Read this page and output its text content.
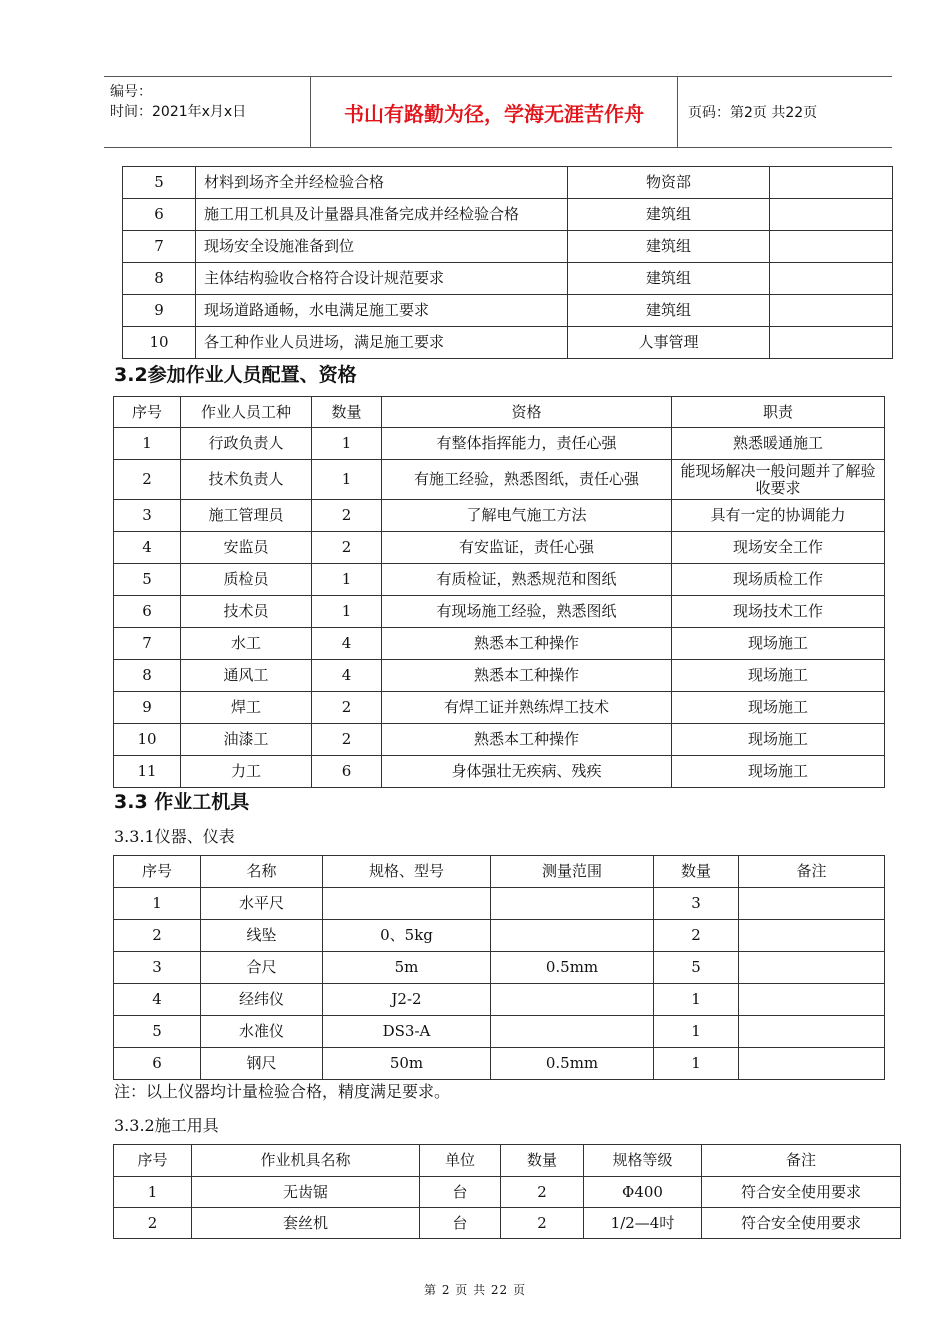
编号：
时间：2021年x月x日	书山有路勤为径，学海无涯苦作舟	页码：第2页 共22页
5	材料到场齐全并经检验合格	物资部	
6	施工用工机具及计量器具准备完成并经检验合格	建筑组	
7	现场安全设施准备到位	建筑组	
8	主体结构验收合格符合设计规范要求	建筑组	
9	现场道路通畅，水电满足施工要求	建筑组	
10	各工种作业人员进场，满足施工要求	人事管理	
3.2参加作业人员配置、资格
序号	作业人员工种	数量	资格	职责
1	行政负责人	1	有整体指挥能力，责任心强	熟悉暖通施工
2	技术负责人	1	有施工经验，熟悉图纸，责任心强	能现场解决一般问题并了解验收要求
3	施工管理员	2	了解电气施工方法	具有一定的协调能力
4	安监员	2	有安监证，责任心强	现场安全工作
5	质检员	1	有质检证，熟悉规范和图纸	现场质检工作
6	技术员	1	有现场施工经验，熟悉图纸	现场技术工作
7	水工	4	熟悉本工种操作	现场施工
8	通风工	4	熟悉本工种操作	现场施工
9	焊工	2	有焊工证并熟练焊工技术	现场施工
10	油漆工	2	熟悉本工种操作	现场施工
11	力工	6	身体强壮无疾病、残疾	现场施工
3.3 作业工机具
3.3.1仪器、仪表
序号	名称	规格、型号	测量范围	数量	备注
1	水平尺			3	
2	线坠	0、5kg		2	
3	合尺	5m	0.5mm	5	
4	经纬仪	J2-2		1	
5	水准仪	DS3-A		1	
6	钢尺	50m	0.5mm	1	
注：以上仪器均计量检验合格，精度满足要求。
3.3.2施工用具
序号	作业机具名称	单位	数量	规格等级	备注
1	无齿锯	台	2	Φ400	符合安全使用要求
2	套丝机	台	2	1/2—4吋	符合安全使用要求
第 2 页 共 22 页
